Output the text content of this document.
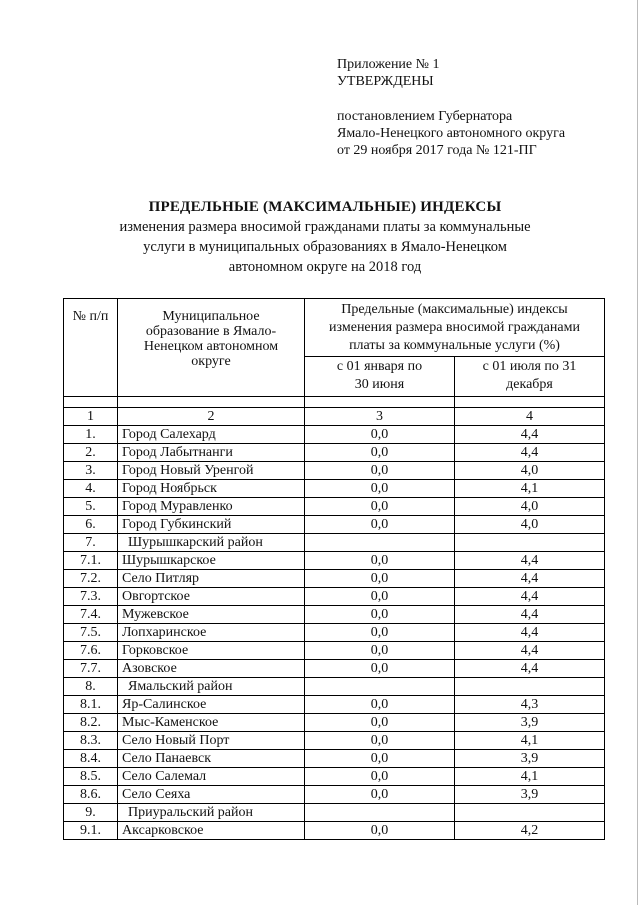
Приложение № 1
УТВЕРЖДЕНЫ
постановлением Губернатора
Ямало-Ненецкого автономного округа
от 29 ноября 2017 года № 121-ПГ
ПРЕДЕЛЬНЫЕ (МАКСИМАЛЬНЫЕ) ИНДЕКСЫ
изменения размера вносимой гражданами платы за коммунальные
услуги в муниципальных образованиях в Ямало-Ненецком
автономном округе на 2018 год
№ п/п	Муниципальное образование в Ямало-Ненецком автономном округе	Предельные (максимальные) индексы изменения размера вносимой гражданами платы за коммунальные услуги (%)	
		с 01 января по 30 июня	с 01 июля по 31 декабря

1	2	3	4
1.	Город Салехард	0,0	4,4
2.	Город Лабытнанги	0,0	4,4
3.	Город Новый Уренгой	0,0	4,0
4.	Город Ноябрьск	0,0	4,1
5.	Город Муравленко	0,0	4,0
6.	Город Губкинский	0,0	4,0
7.	Шурышкарский район		
7.1.	Шурышкарское	0,0	4,4
7.2.	Село Питляр	0,0	4,4
7.3.	Овгортское	0,0	4,4
7.4.	Мужевское	0,0	4,4
7.5.	Лопхаринское	0,0	4,4
7.6.	Горковское	0,0	4,4
7.7.	Азовское	0,0	4,4
8.	Ямальский район		
8.1.	Яр-Салинское	0,0	4,3
8.2.	Мыс-Каменское	0,0	3,9
8.3.	Село Новый Порт	0,0	4,1
8.4.	Село Панаевск	0,0	3,9
8.5.	Село Салемал	0,0	4,1
8.6.	Село Сеяха	0,0	3,9
9.	Приуральский район		
9.1.	Аксарковское	0,0	4,2
